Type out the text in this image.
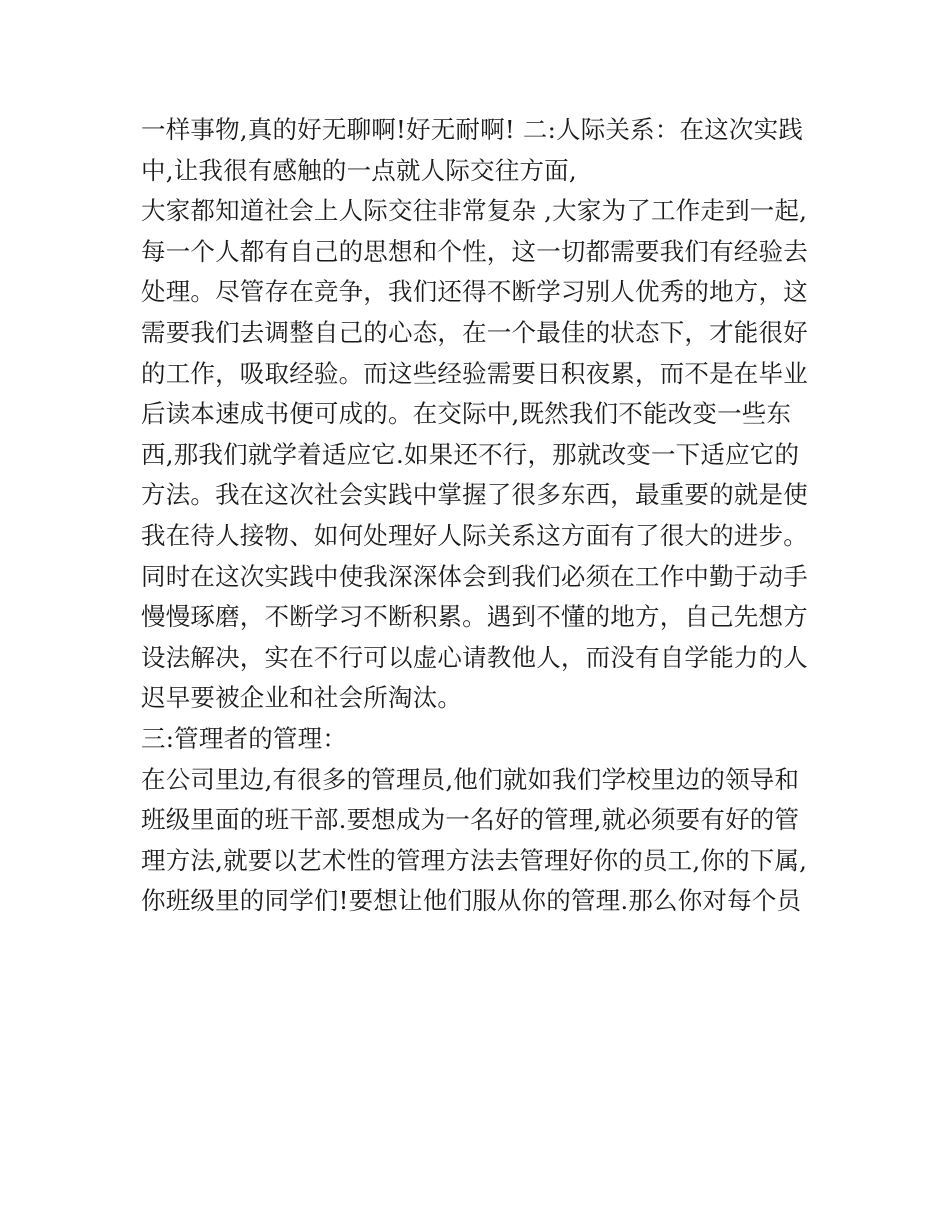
一样事物,真的好无聊啊!好无耐啊! 二:人际关系：在这次实践
中,让我很有感触的一点就人际交往方面,
大家都知道社会上人际交往非常复杂 ,大家为了工作走到一起,
每一个人都有自己的思想和个性，这一切都需要我们有经验去
处理。尽管存在竞争，我们还得不断学习别人优秀的地方，这
需要我们去调整自己的心态，在一个最佳的状态下，才能很好
的工作，吸取经验。而这些经验需要日积夜累，而不是在毕业
后读本速成书便可成的。在交际中,既然我们不能改变一些东
西,那我们就学着适应它.如果还不行，那就改变一下适应它的
方法。我在这次社会实践中掌握了很多东西，最重要的就是使
我在待人接物、如何处理好人际关系这方面有了很大的进步。
同时在这次实践中使我深深体会到我们必须在工作中勤于动手
慢慢琢磨，不断学习不断积累。遇到不懂的地方，自己先想方
设法解决，实在不行可以虚心请教他人，而没有自学能力的人
迟早要被企业和社会所淘汰。
三:管理者的管理：
在公司里边,有很多的管理员,他们就如我们学校里边的领导和
班级里面的班干部.要想成为一名好的管理,就必须要有好的管
理方法,就要以艺术性的管理方法去管理好你的员工,你的下属,
你班级里的同学们!要想让他们服从你的管理.那么你对每个员
